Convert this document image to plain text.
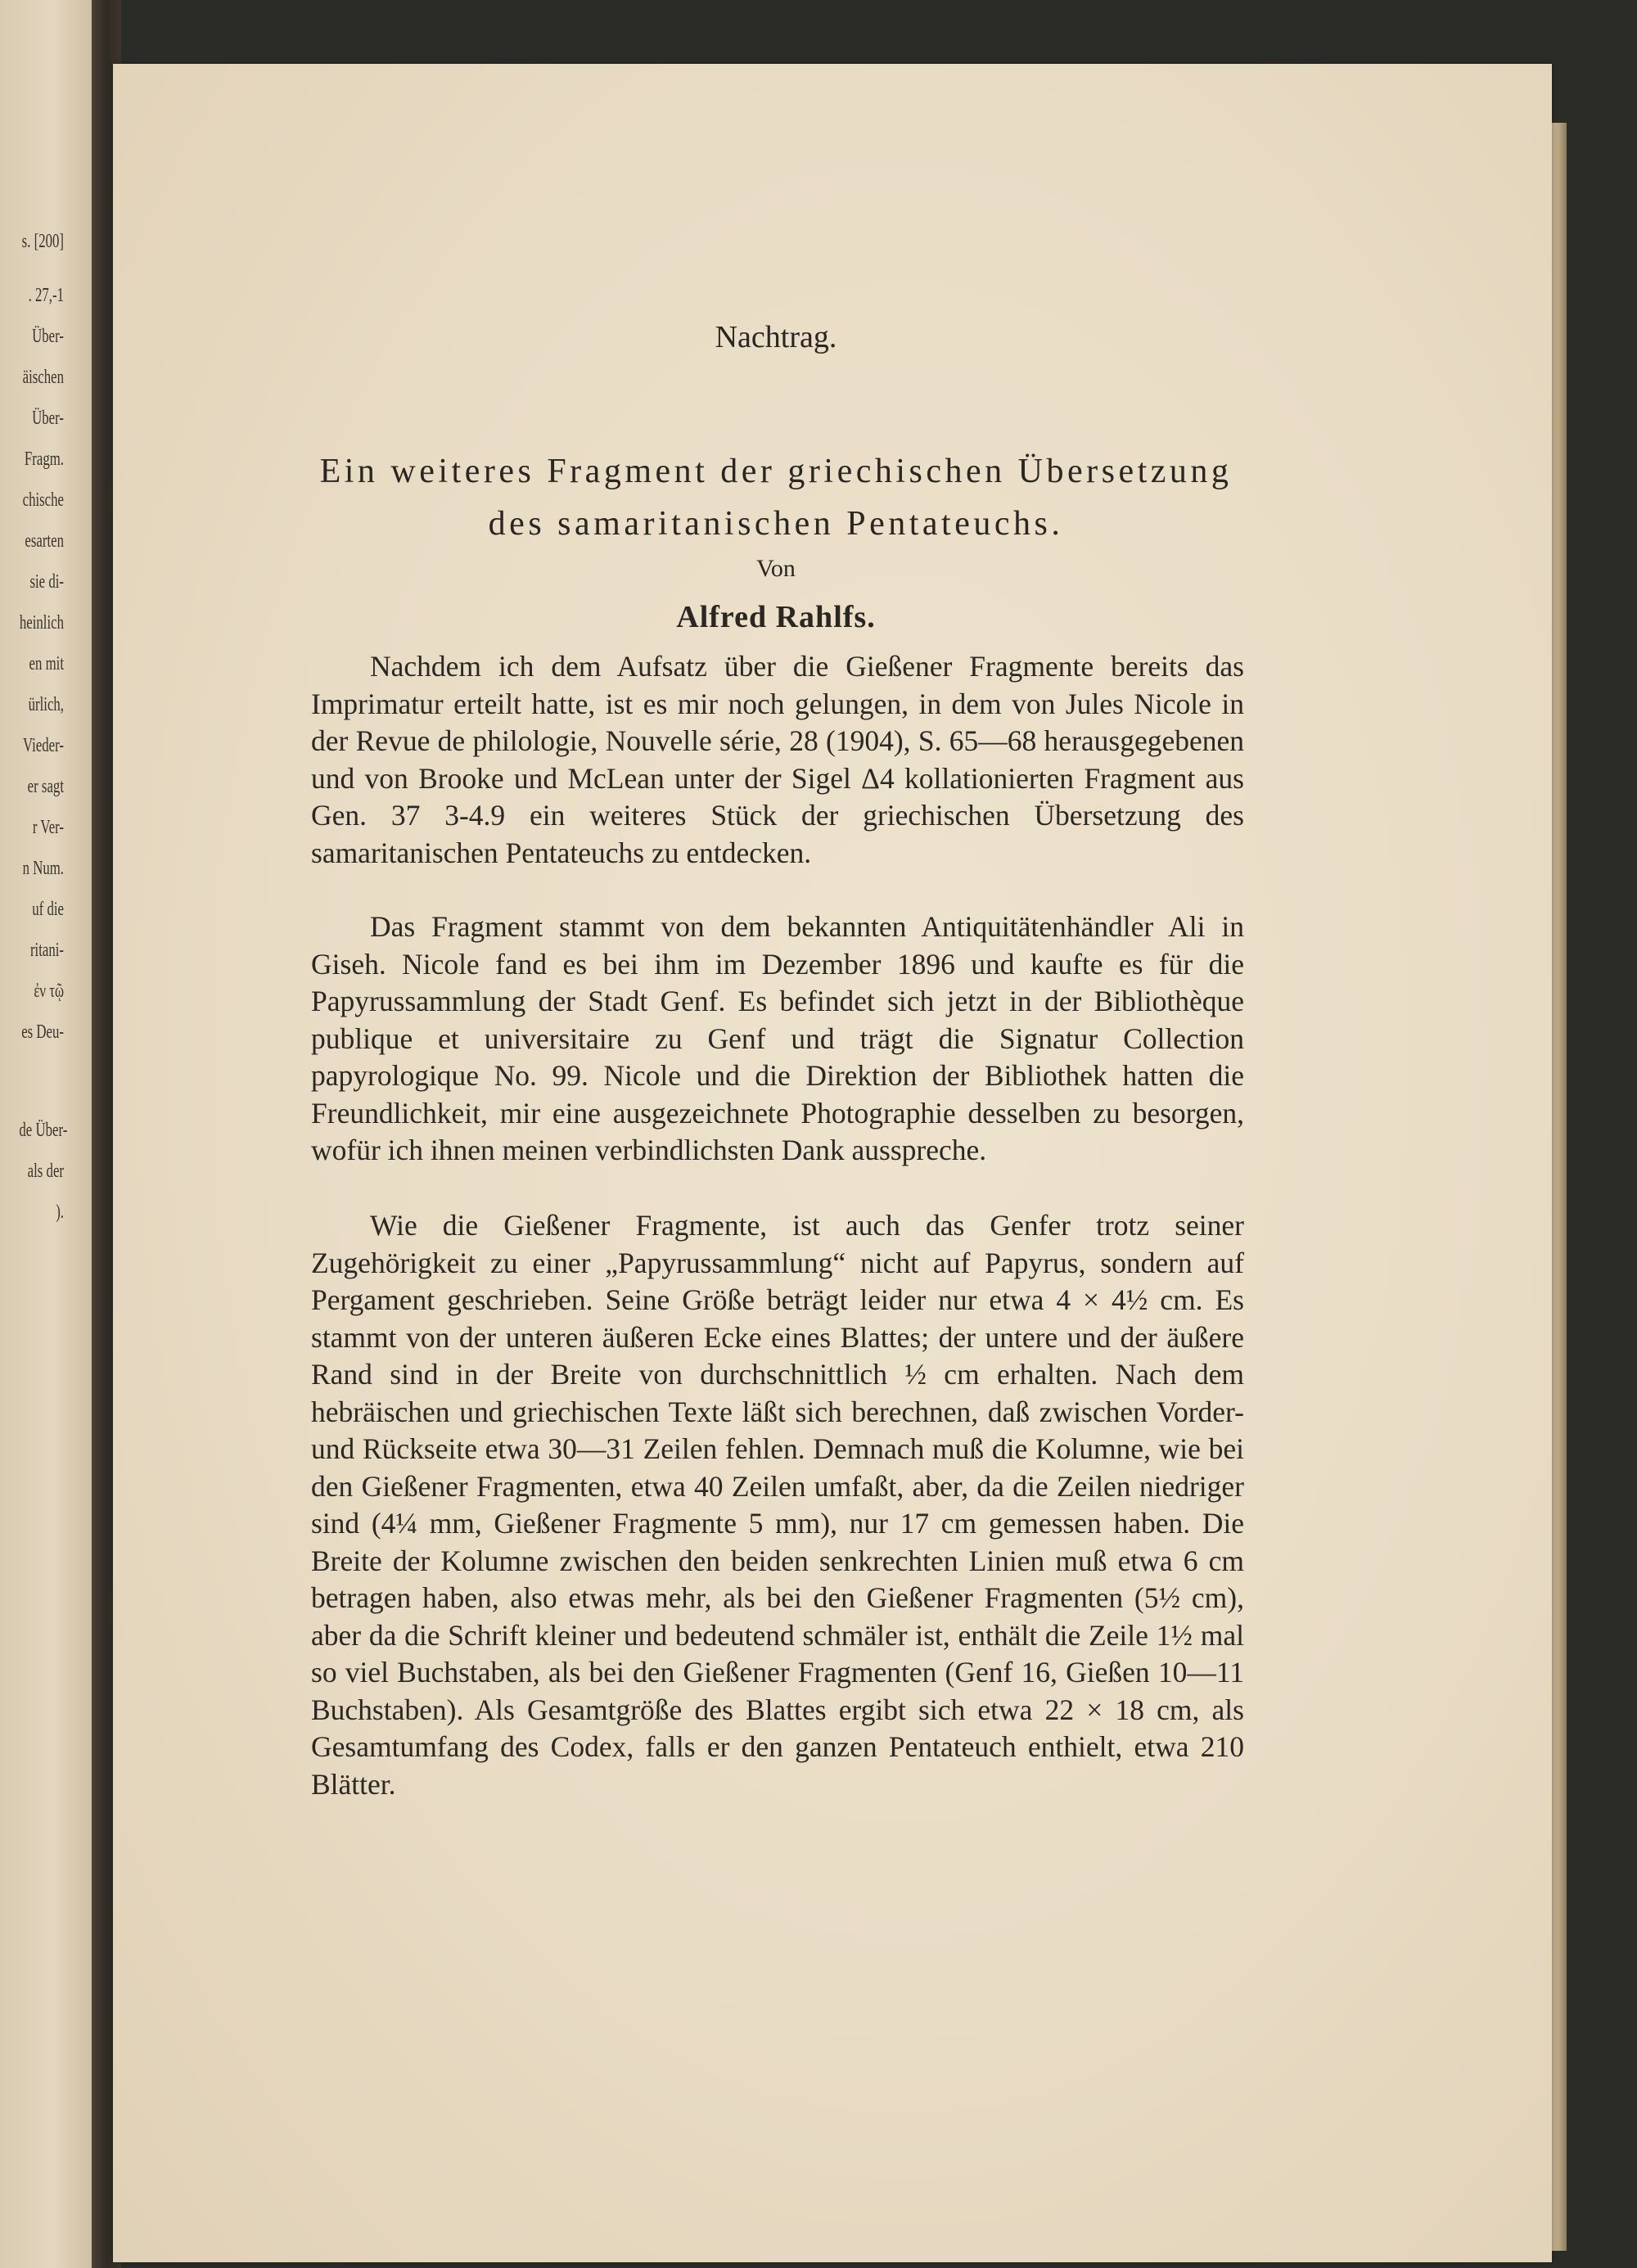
s. [200]
. 27,-1
Über-
äischen
Über-
Fragm.
chische
esarten
sie di-
heinlich
en mit
ürlich,
Vieder-
er sagt
r Ver-
n Num.
uf die
ritani-
ἐν τῷ
es Deu-
de Über-
als der
).
Nachtrag.
Ein weiteres Fragment der griechischen Übersetzung
des samaritanischen Pentateuchs.
Von
Alfred Rahlfs.

Nachdem ich dem Aufsatz über die Gießener Fragmente bereits das Imprimatur erteilt hatte, ist es mir noch gelungen, in dem von Jules Nicole in der Revue de philologie, Nouvelle série, 28 (1904), S. 65—68 herausgegebenen und von Brooke und McLean unter der Sigel Δ4 kollationierten Fragment aus Gen. 37 3-4.9 ein weiteres Stück der griechischen Übersetzung des samaritanischen Pentateuchs zu entdecken.

Das Fragment stammt von dem bekannten Antiquitätenhändler Ali in Giseh. Nicole fand es bei ihm im Dezember 1896 und kaufte es für die Papyrussammlung der Stadt Genf. Es befindet sich jetzt in der Bibliothèque publique et universitaire zu Genf und trägt die Signatur Collection papyrologique No. 99. Nicole und die Direktion der Bibliothek hatten die Freundlichkeit, mir eine ausgezeichnete Photographie desselben zu besorgen, wofür ich ihnen meinen verbindlichsten Dank ausspreche.

Wie die Gießener Fragmente, ist auch das Genfer trotz seiner Zugehörigkeit zu einer „Papyrussammlung“ nicht auf Papyrus, sondern auf Pergament geschrieben. Seine Größe beträgt leider nur etwa 4 × 4½ cm. Es stammt von der unteren äußeren Ecke eines Blattes; der untere und der äußere Rand sind in der Breite von durchschnittlich ½ cm erhalten. Nach dem hebräischen und griechischen Texte läßt sich berechnen, daß zwischen Vorder- und Rückseite etwa 30—31 Zeilen fehlen. Demnach muß die Kolumne, wie bei den Gießener Fragmenten, etwa 40 Zeilen umfaßt, aber, da die Zeilen niedriger sind (4¼ mm, Gießener Fragmente 5 mm), nur 17 cm gemessen haben. Die Breite der Kolumne zwischen den beiden senkrechten Linien muß etwa 6 cm betragen haben, also etwas mehr, als bei den Gießener Fragmenten (5½ cm), aber da die Schrift kleiner und bedeutend schmäler ist, enthält die Zeile 1½ mal so viel Buchstaben, als bei den Gießener Fragmenten (Genf 16, Gießen 10—11 Buchstaben). Als Gesamtgröße des Blattes ergibt sich etwa 22 × 18 cm, als Gesamtumfang des Codex, falls er den ganzen Pentateuch enthielt, etwa 210 Blätter.
